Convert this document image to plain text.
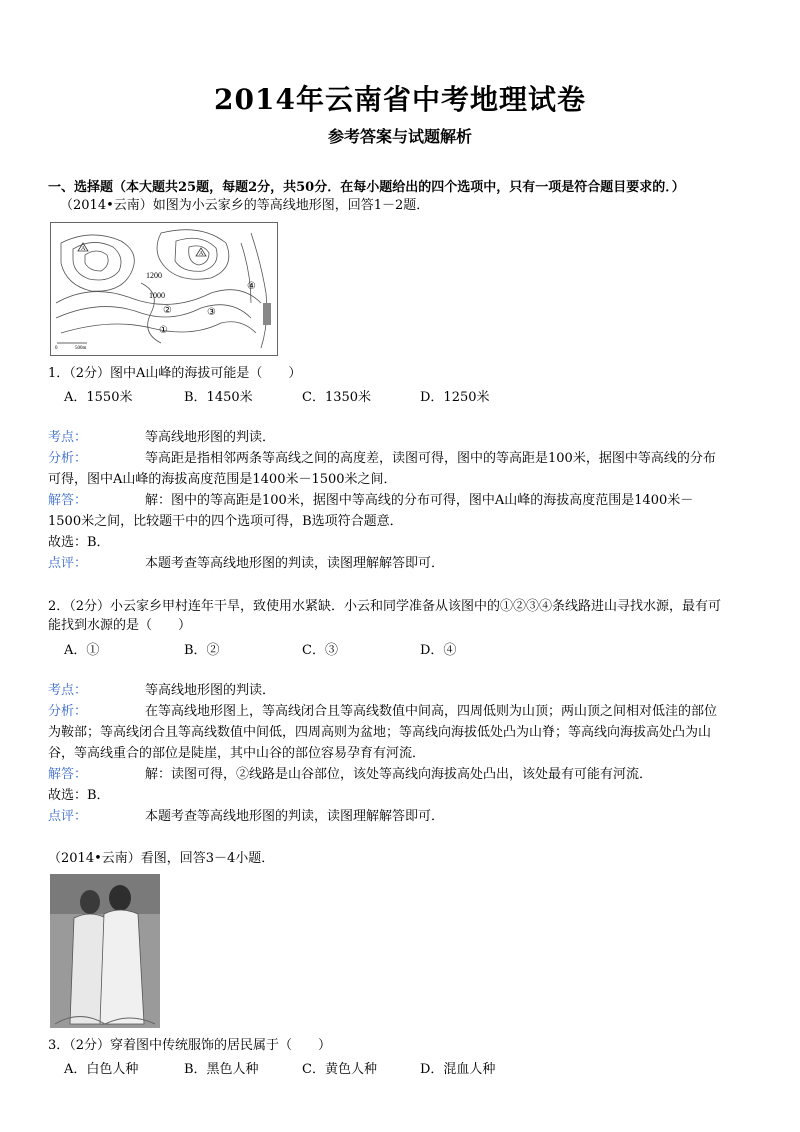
2014年云南省中考地理试卷
参考答案与试题解析
一、选择题（本大题共25题，每题2分，共50分．在每小题给出的四个选项中，只有一项是符合题目要求的．）
（2014•云南）如图为小云家乡的等高线地形图，回答1－2题．
A
A
1200
1000
①
②	③
④
0	500m
1．（2分）图中A山峰的海拔可能是（　　）
A．1550米	B．1450米	C．1350米	D．1250米
考点：	等高线地形图的判读．
分析：	等高距是指相邻两条等高线之间的高度差，读图可得，图中的等高距是100米，据图中等高线的分布
可得，图中A山峰的海拔高度范围是1400米－1500米之间．
解答：	解：图中的等高距是100米，据图中等高线的分布可得，图中A山峰的海拔高度范围是1400米－
1500米之间，比较题干中的四个选项可得，B选项符合题意．
故选：B．
点评：	本题考查等高线地形图的判读，读图理解解答即可．
2．（2分）小云家乡甲村连年干旱，致使用水紧缺．小云和同学准备从该图中的①②③④条线路进山寻找水源，最有可
能找到水源的是（　　）
A．①	B．②	C．③	D．④
考点：	等高线地形图的判读．
分析：	在等高线地形图上，等高线闭合且等高线数值中间高，四周低则为山顶；两山顶之间相对低洼的部位
为鞍部；等高线闭合且等高线数值中间低，四周高则为盆地；等高线向海拔低处凸为山脊；等高线向海拔高处凸为山
谷，等高线重合的部位是陡崖，其中山谷的部位容易孕育有河流．
解答：	解：读图可得，②线路是山谷部位，该处等高线向海拔高处凸出，该处最有可能有河流．
故选：B．
点评：	本题考查等高线地形图的判读，读图理解解答即可．
（2014•云南）看图，回答3－4小题．
3．（2分）穿着图中传统服饰的居民属于（　　）
A．白色人种	B．黑色人种	C．黄色人种	D．混血人种
